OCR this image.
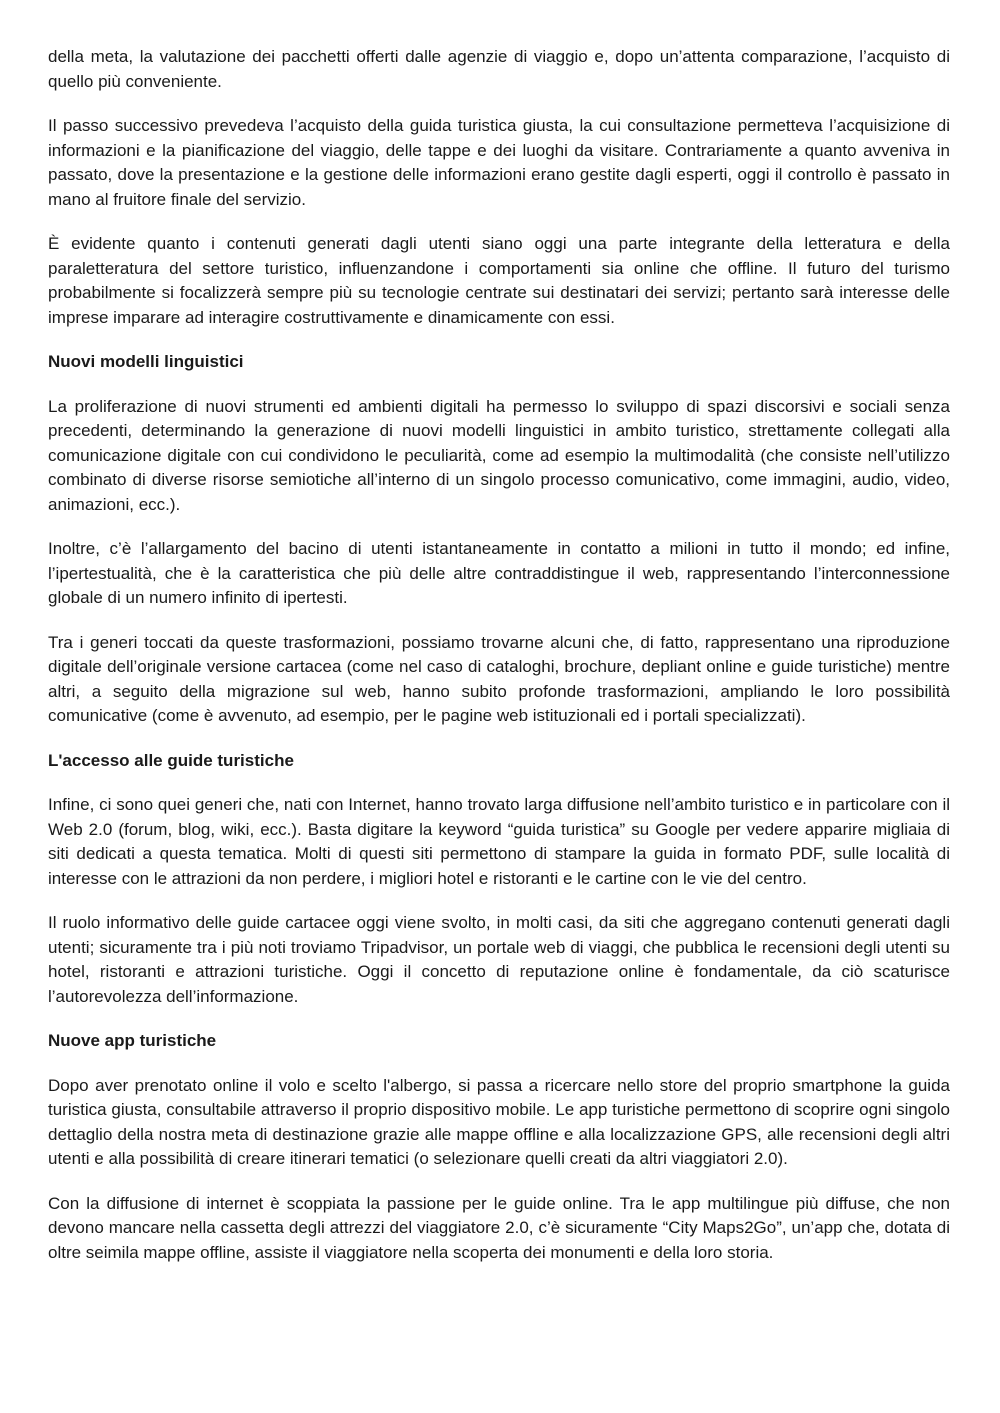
della meta, la valutazione dei pacchetti offerti dalle agenzie di viaggio e, dopo un’attenta comparazione, l’acquisto di quello più conveniente.

Il passo successivo prevedeva l’acquisto della guida turistica giusta, la cui consultazione permetteva l’acquisizione di informazioni e la pianificazione del viaggio, delle tappe e dei luoghi da visitare. Contrariamente a quanto avveniva in passato, dove la presentazione e la gestione delle informazioni erano gestite dagli esperti, oggi il controllo è passato in mano al fruitore finale del servizio.

È evidente quanto i contenuti generati dagli utenti siano oggi una parte integrante della letteratura e della paraletteratura del settore turistico, influenzandone i comportamenti sia online che offline. Il futuro del turismo probabilmente si focalizzerà sempre più su tecnologie centrate sui destinatari dei servizi; pertanto sarà interesse delle imprese imparare ad interagire costruttivamente e dinamicamente con essi.

Nuovi modelli linguistici

La proliferazione di nuovi strumenti ed ambienti digitali ha permesso lo sviluppo di spazi discorsivi e sociali senza precedenti, determinando la generazione di nuovi modelli linguistici in ambito turistico, strettamente collegati alla comunicazione digitale con cui condividono le peculiarità, come ad esempio la multimodalità (che consiste nell’utilizzo combinato di diverse risorse semiotiche all’interno di un singolo processo comunicativo, come immagini, audio, video, animazioni, ecc.).

Inoltre, c’è l’allargamento del bacino di utenti istantaneamente in contatto a milioni in tutto il mondo; ed infine, l’ipertestualità, che è la caratteristica che più delle altre contraddistingue il web, rappresentando l’interconnessione globale di un numero infinito di ipertesti.

Tra i generi toccati da queste trasformazioni, possiamo trovarne alcuni che, di fatto, rappresentano una riproduzione digitale dell’originale versione cartacea (come nel caso di cataloghi, brochure, depliant online e guide turistiche) mentre altri, a seguito della migrazione sul web, hanno subito profonde trasformazioni, ampliando le loro possibilità comunicative (come è avvenuto, ad esempio, per le pagine web istituzionali ed i portali specializzati).

L'accesso alle guide turistiche

Infine, ci sono quei generi che, nati con Internet, hanno trovato larga diffusione nell’ambito turistico e in particolare con il Web 2.0 (forum, blog, wiki, ecc.). Basta digitare la keyword “guida turistica” su Google per vedere apparire migliaia di siti dedicati a questa tematica. Molti di questi siti permettono di stampare la guida in formato PDF, sulle località di interesse con le attrazioni da non perdere, i migliori hotel e ristoranti e le cartine con le vie del centro.

Il ruolo informativo delle guide cartacee oggi viene svolto, in molti casi, da siti che aggregano contenuti generati dagli utenti; sicuramente tra i più noti troviamo Tripadvisor, un portale web di viaggi, che pubblica le recensioni degli utenti su hotel, ristoranti e attrazioni turistiche. Oggi il concetto di reputazione online è fondamentale, da ciò scaturisce l’autorevolezza dell’informazione.

Nuove app turistiche

Dopo aver prenotato online il volo e scelto l'albergo, si passa a ricercare nello store del proprio smartphone la guida turistica giusta, consultabile attraverso il proprio dispositivo mobile. Le app turistiche permettono di scoprire ogni singolo dettaglio della nostra meta di destinazione grazie alle mappe offline e alla localizzazione GPS, alle recensioni degli altri utenti e alla possibilità di creare itinerari tematici (o selezionare quelli creati da altri viaggiatori 2.0).

Con la diffusione di internet è scoppiata la passione per le guide online. Tra le app multilingue più diffuse, che non devono mancare nella cassetta degli attrezzi del viaggiatore 2.0, c’è sicuramente “City Maps2Go”, un’app che, dotata di oltre seimila mappe offline, assiste il viaggiatore nella scoperta dei monumenti e della loro storia.
